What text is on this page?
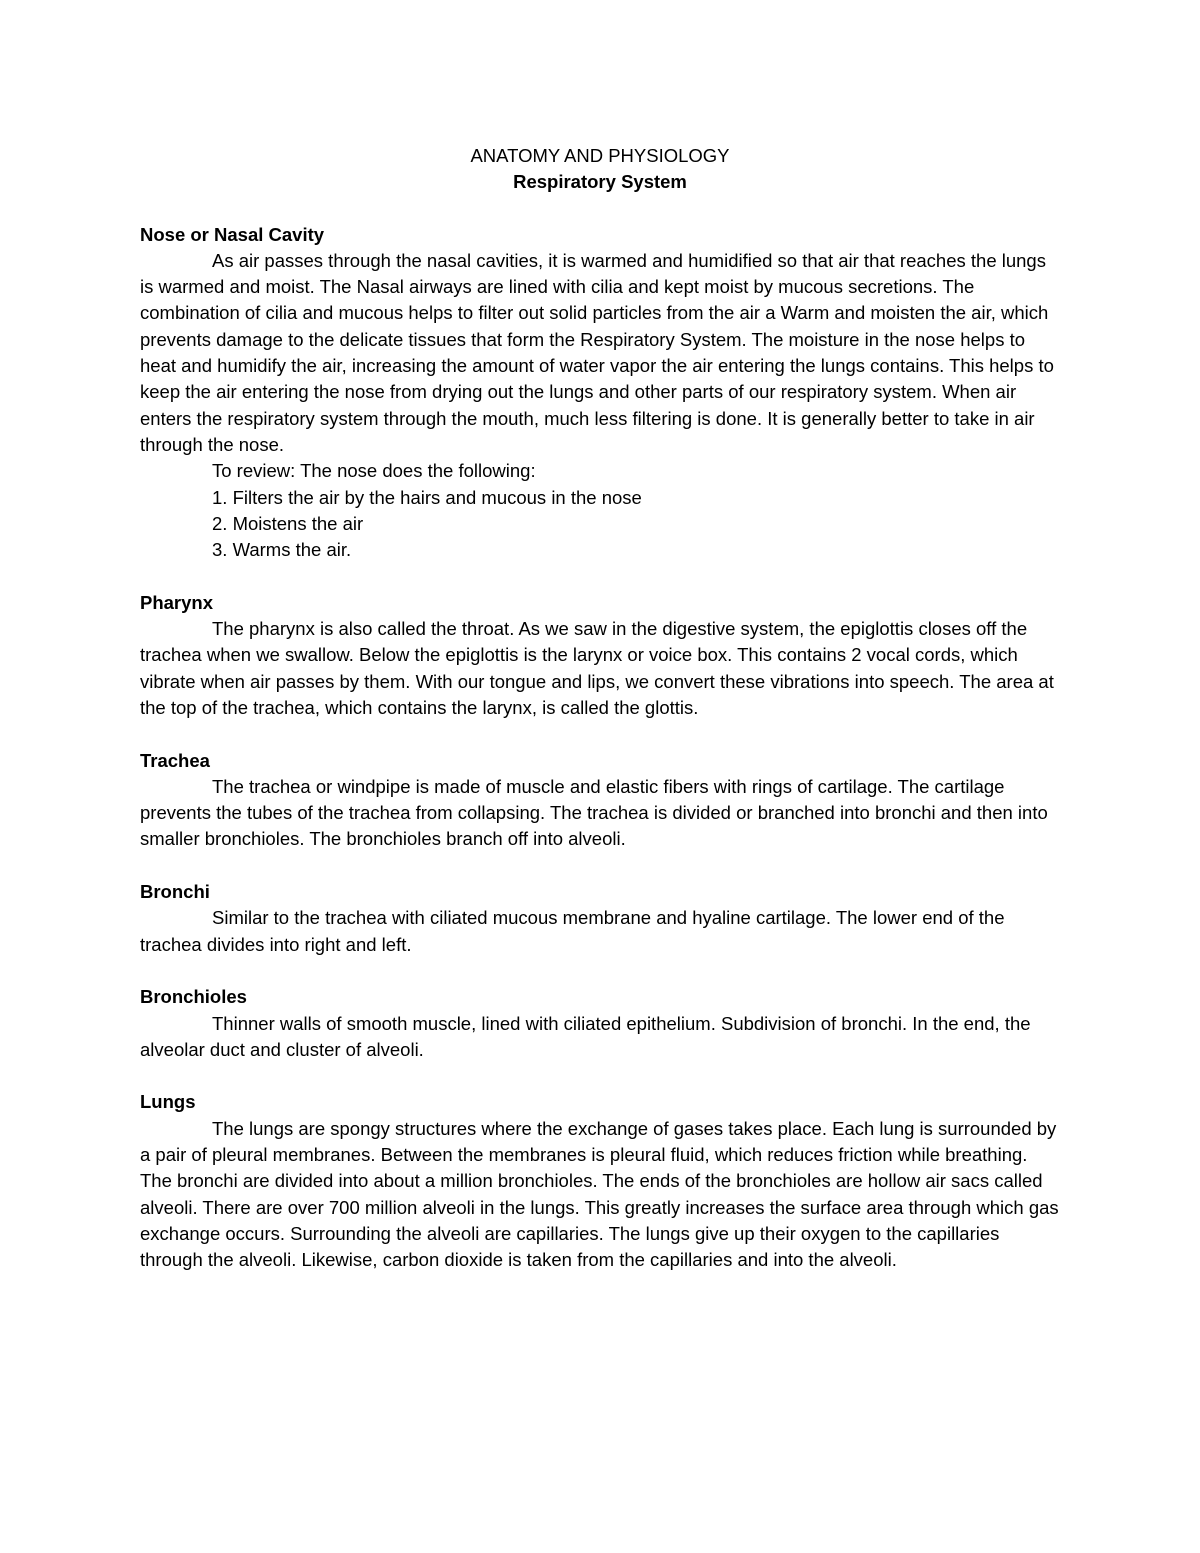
ANATOMY AND PHYSIOLOGY
Respiratory System
Nose or Nasal Cavity

As air passes through the nasal cavities, it is warmed and humidified so that air that reaches the lungs is warmed and moist. The Nasal airways are lined with cilia and kept moist by mucous secretions. The combination of cilia and mucous helps to filter out solid particles from the air a Warm and moisten the air, which prevents damage to the delicate tissues that form the Respiratory System. The moisture in the nose helps to heat and humidify the air, increasing the amount of water vapor the air entering the lungs contains. This helps to keep the air entering the nose from drying out the lungs and other parts of our respiratory system. When air enters the respiratory system through the mouth, much less filtering is done. It is generally better to take in air through the nose.

To review: The nose does the following:

1. Filters the air by the hairs and mucous in the nose

2. Moistens the air

3. Warms the air.

Pharynx

The pharynx is also called the throat. As we saw in the digestive system, the epiglottis closes off the trachea when we swallow. Below the epiglottis is the larynx or voice box. This contains 2 vocal cords, which vibrate when air passes by them. With our tongue and lips, we convert these vibrations into speech. The area at the top of the trachea, which contains the larynx, is called the glottis.

Trachea

The trachea or windpipe is made of muscle and elastic fibers with rings of cartilage. The cartilage prevents the tubes of the trachea from collapsing. The trachea is divided or branched into bronchi and then into smaller bronchioles. The bronchioles branch off into alveoli.

Bronchi

Similar to the trachea with ciliated mucous membrane and hyaline cartilage. The lower end of the trachea divides into right and left.

Bronchioles

Thinner walls of smooth muscle, lined with ciliated epithelium. Subdivision of bronchi. In the end, the alveolar duct and cluster of alveoli.

Lungs

The lungs are spongy structures where the exchange of gases takes place. Each lung is surrounded by a pair of pleural membranes. Between the membranes is pleural fluid, which reduces friction while breathing. The bronchi are divided into about a million bronchioles. The ends of the bronchioles are hollow air sacs called alveoli. There are over 700 million alveoli in the lungs. This greatly increases the surface area through which gas exchange occurs. Surrounding the alveoli are capillaries. The lungs give up their oxygen to the capillaries through the alveoli. Likewise, carbon dioxide is taken from the capillaries and into the alveoli.
